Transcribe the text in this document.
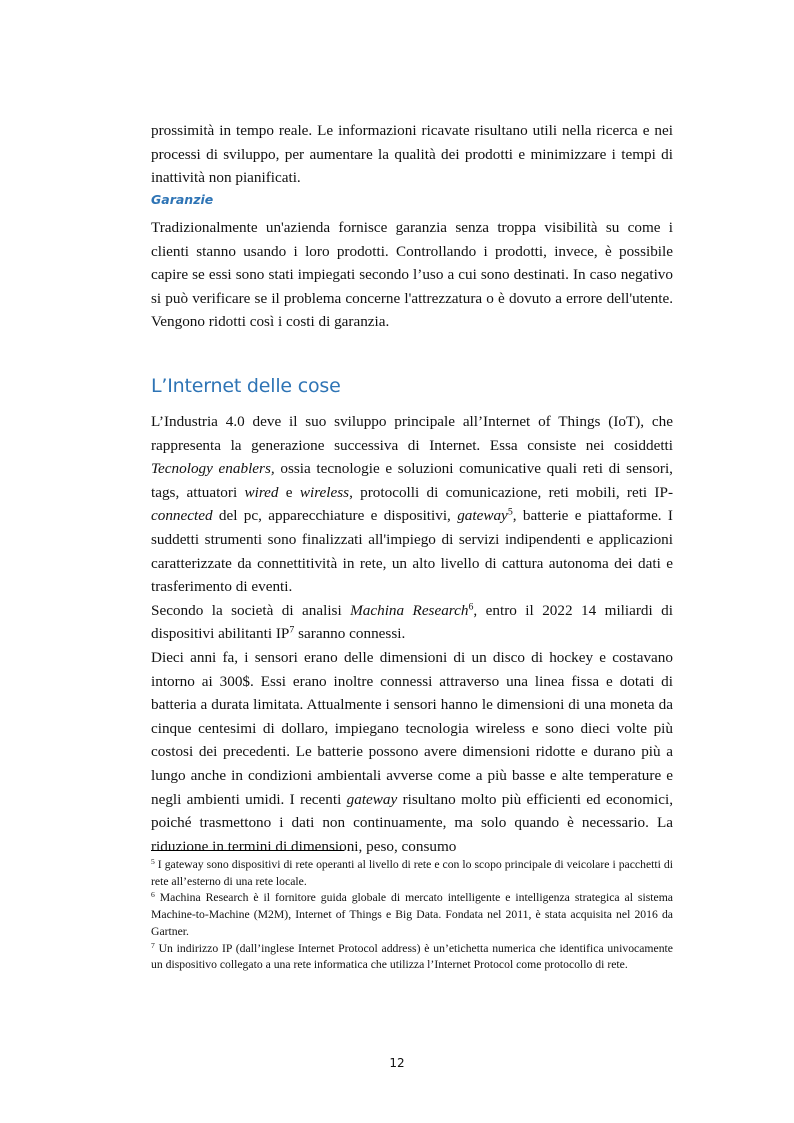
prossimità in tempo reale. Le informazioni ricavate risultano utili nella ricerca e nei processi di sviluppo, per aumentare la qualità dei prodotti e minimizzare i tempi di inattività non pianificati.

Garanzie

Tradizionalmente un'azienda fornisce garanzia senza troppa visibilità su come i clienti stanno usando i loro prodotti. Controllando i prodotti, invece, è possibile capire se essi sono stati impiegati secondo l’uso a cui sono destinati. In caso negativo si può verificare se il problema concerne l'attrezzatura o è dovuto a errore dell'utente. Vengono ridotti così i costi di garanzia.

L’Internet delle cose

L’Industria 4.0 deve il suo sviluppo principale all’Internet of Things (IoT), che rappresenta la generazione successiva di Internet. Essa consiste nei cosiddetti Tecnology enablers, ossia tecnologie e soluzioni comunicative quali reti di sensori, tags, attuatori wired e wireless, protocolli di comunicazione, reti mobili, reti IP-connected del pc, apparecchiature e dispositivi, gateway$^5$, batterie e piattaforme. I suddetti strumenti sono finalizzati all'impiego di servizi indipendenti e applicazioni caratterizzate da connettitività in rete, un alto livello di cattura autonoma dei dati e trasferimento di eventi.

Secondo la società di analisi Machina Research$^6$, entro il 2022 14 miliardi di dispositivi abilitanti $IP^7$ saranno connessi.

Dieci anni fa, i sensori erano delle dimensioni di un disco di hockey e costavano intorno ai 300$. Essi erano inoltre connessi attraverso una linea fissa e dotati di batteria a durata limitata. Attualmente i sensori hanno le dimensioni di una moneta da cinque centesimi di dollaro, impiegano tecnologia wireless e sono dieci volte più costosi dei precedenti. Le batterie possono avere dimensioni ridotte e durano più a lungo anche in condizioni ambientali avverse come a più basse e alte temperature e negli ambienti umidi. I recenti gateway risultano molto più efficienti ed economici, poiché trasmettono i dati non continuamente, ma solo quando è necessario. La riduzione in termini di dimensioni, peso, consumo

$^5$ I gateway sono dispositivi di rete operanti al livello di rete e con lo scopo principale di veicolare i pacchetti di rete all’esterno di una rete locale.

$^6$ Machina Research è il fornitore guida globale di mercato intelligente e intelligenza strategica al sistema Machine-to-Machine (M2M), Internet of Things e Big Data. Fondata nel 2011, è stata acquisita nel 2016 da Gartner.

$^7$ Un indirizzo IP (dall’inglese Internet Protocol address) è un’etichetta numerica che identifica univocamente un dispositivo collegato a una rete informatica che utilizza l’Internet Protocol come protocollo di rete.

12
